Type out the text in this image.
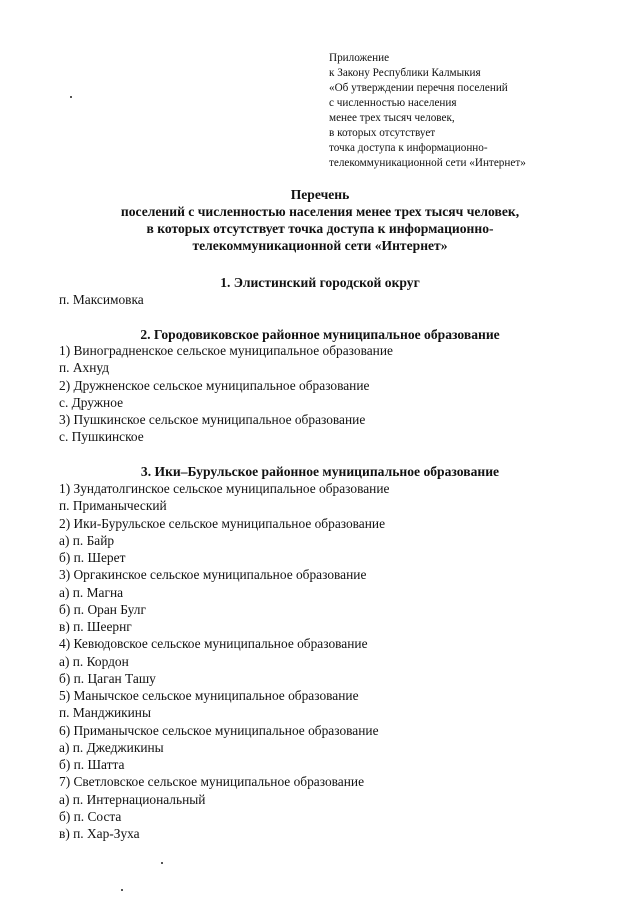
Приложение
к Закону Республики Калмыкия
«Об утверждении перечня поселений
с численностью населения
менее трех тысяч человек,
в которых отсутствует
точка доступа к информационно-
телекоммуникационной сети «Интернет»
Перечень
поселений с численностью населения менее трех тысяч человек,
в которых отсутствует точка доступа к информационно-
телекоммуникационной сети «Интернет»
1. Элистинский городской округ
п. Максимовка
2. Городовиковское районное муниципальное образование
1) Виноградненское сельское муниципальное образование
п. Ахнуд
2) Дружненское сельское муниципальное образование
с. Дружное
3) Пушкинское сельское муниципальное образование
с. Пушкинское
3. Ики–Бурульское районное муниципальное образование
1) Зундатолгинское сельское муниципальное образование
п. Приманыческий
2) Ики-Бурульское сельское муниципальное образование
а) п. Байр
б) п. Шерет
3) Оргакинское сельское муниципальное образование
а) п. Магна
б) п. Оран Булг
в) п. Шеернг
4) Кевюдовское сельское муниципальное образование
а) п. Кордон
б) п. Цаган Ташу
5) Манычское сельское муниципальное образование
п. Манджикины
6) Приманычское сельское муниципальное образование
а) п. Джеджикины
б) п. Шатта
7) Светловское сельское муниципальное образование
а) п. Интернациональный
б) п. Соста
в) п. Хар-Зуха
